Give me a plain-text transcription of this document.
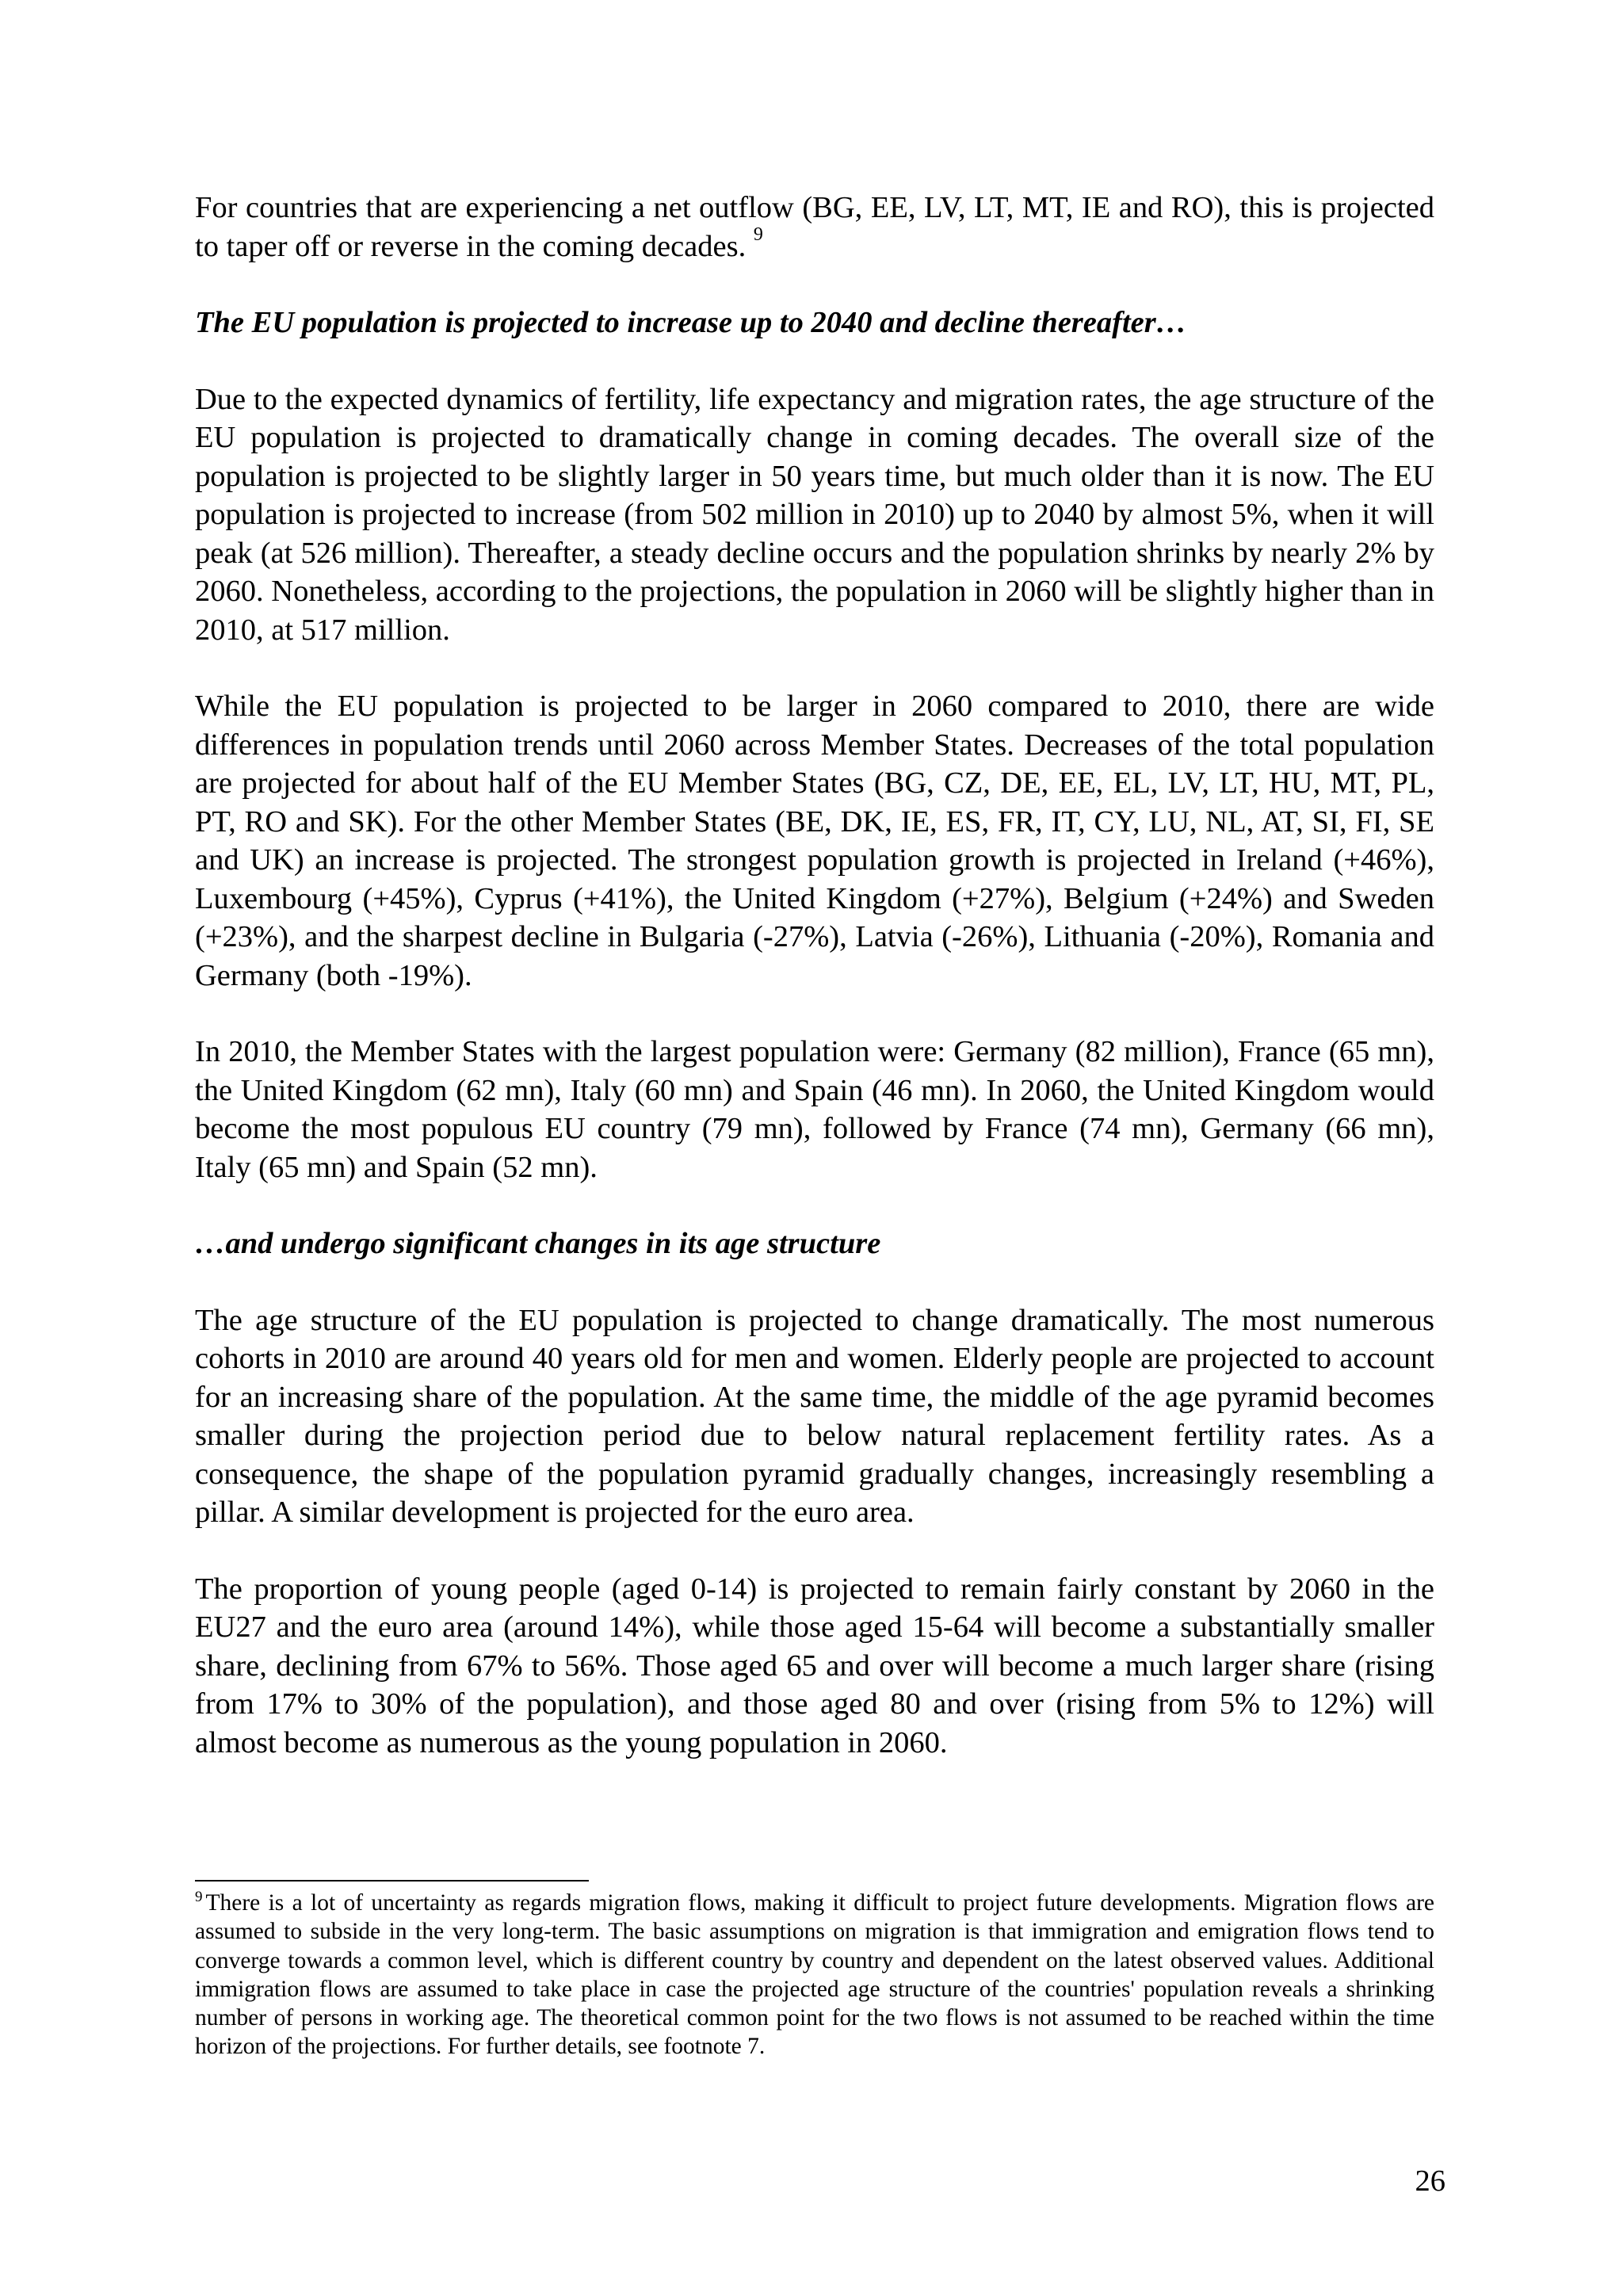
For countries that are experiencing a net outflow (BG, EE, LV, LT, MT, IE and RO), this is projected to taper off or reverse in the coming decades. $^9$

The EU population is projected to increase up to 2040 and decline thereafter…

Due to the expected dynamics of fertility, life expectancy and migration rates, the age structure of the EU population is projected to dramatically change in coming decades. The overall size of the population is projected to be slightly larger in 50 years time, but much older than it is now. The EU population is projected to increase (from 502 million in 2010) up to 2040 by almost 5%, when it will peak (at 526 million). Thereafter, a steady decline occurs and the population shrinks by nearly 2% by 2060. Nonetheless, according to the projections, the population in 2060 will be slightly higher than in 2010, at 517 million.

While the EU population is projected to be larger in 2060 compared to 2010, there are wide differences in population trends until 2060 across Member States. Decreases of the total population are projected for about half of the EU Member States (BG, CZ, DE, EE, EL, LV, LT, HU, MT, PL, PT, RO and SK). For the other Member States (BE, DK, IE, ES, FR, IT, CY, LU, NL, AT, SI, FI, SE and UK) an increase is projected. The strongest population growth is projected in Ireland (+46%), Luxembourg (+45%), Cyprus (+41%), the United Kingdom (+27%), Belgium (+24%) and Sweden (+23%), and the sharpest decline in Bulgaria (-27%), Latvia (-26%), Lithuania (-20%), Romania and Germany (both -19%).

In 2010, the Member States with the largest population were: Germany (82 million), France (65 mn), the United Kingdom (62 mn), Italy (60 mn) and Spain (46 mn). In 2060, the United Kingdom would become the most populous EU country (79 mn), followed by France (74 mn), Germany (66 mn), Italy (65 mn) and Spain (52 mn).

…and undergo significant changes in its age structure

The age structure of the EU population is projected to change dramatically. The most numerous cohorts in 2010 are around 40 years old for men and women. Elderly people are projected to account for an increasing share of the population. At the same time, the middle of the age pyramid becomes smaller during the projection period due to below natural replacement fertility rates. As a consequence, the shape of the population pyramid gradually changes, increasingly resembling a pillar. A similar development is projected for the euro area.

The proportion of young people (aged 0-14) is projected to remain fairly constant by 2060 in the EU27 and the euro area (around 14%), while those aged 15-64 will become a substantially smaller share, declining from 67% to 56%. Those aged 65 and over will become a much larger share (rising from 17% to 30% of the population), and those aged 80 and over (rising from 5% to 12%) will almost become as numerous as the young population in 2060.

$^9$ There is a lot of uncertainty as regards migration flows, making it difficult to project future developments. Migration flows are assumed to subside in the very long-term. The basic assumptions on migration is that immigration and emigration flows tend to converge towards a common level, which is different country by country and dependent on the latest observed values. Additional immigration flows are assumed to take place in case the projected age structure of the countries' population reveals a shrinking number of persons in working age. The theoretical common point for the two flows is not assumed to be reached within the time horizon of the projections. For further details, see footnote 7.
26
